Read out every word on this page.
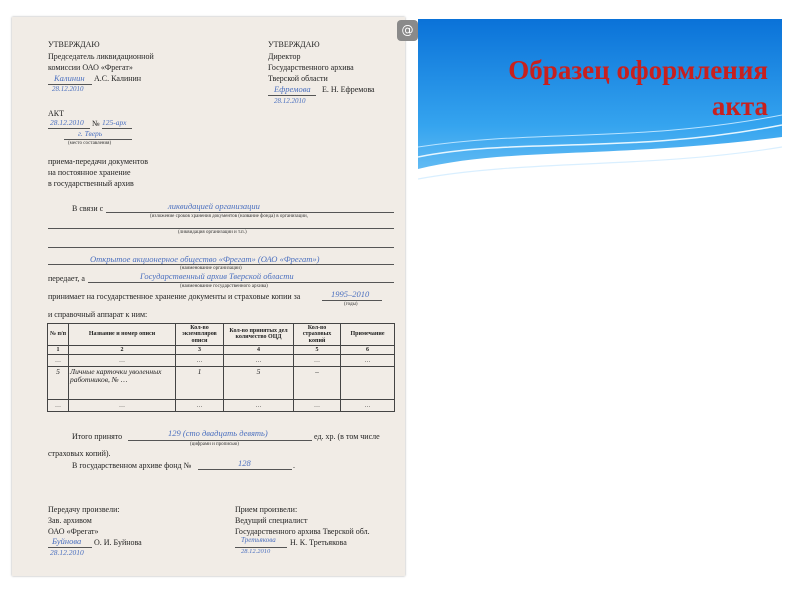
УТВЕРЖДАЮ
Председатель ликвидационной
комиссии ОАО «Фрегат»
Калинин А.С. Калинин
28.12.2010
УТВЕРЖДАЮ
Директор
Государственного архива
Тверской области
Ефремова Е. Н. Ефремова
28.12.2010
АКТ
28.12.2010 № 125-арх
г. Тверь
(место составления)
приема-передачи документов
на постоянное хранение
в государственный архив
В связи с	ликвидацией организации
(изложение сроков хранения документов (название фонда) в организации,
(ликвидация организации и т.п.)
Открытое акционерное общество «Фрегат» (ОАО «Фрегат»)
(наименование организации)
передает, а	Государственный архив Тверской области
(наименование государственного архива)
принимает на государственное хранение документы и страховые копии за	1995–2010
(годы)
и справочный аппарат к ним:
№ п/п	Название и номер описи	Кол-во экземпляров описи	Кол-во принятых дел количество ОЦД	Кол-во страховых копий	Примечание
1	2	3	4	5	6
…	…	…	…	…	…
5	Личные карточки уволенных работников, № …	1	5	–	
…	…	…	…	…	…
Итого принято	129 (сто двадцать девять)
(цифрами и прописью)
ед. хр. (в том числе
страховых копий).
В государственном архиве фонд №	128	.
Передачу произвели:
Зав. архивом
ОАО «Фрегат»
Буйнова О. И. Буйнова
28.12.2010
Прием произвели:
Ведущий специалист
Государственного архива Тверской обл.
Третьякова Н. К. Третьякова
28.12.2010
@
Образец оформления
акта
